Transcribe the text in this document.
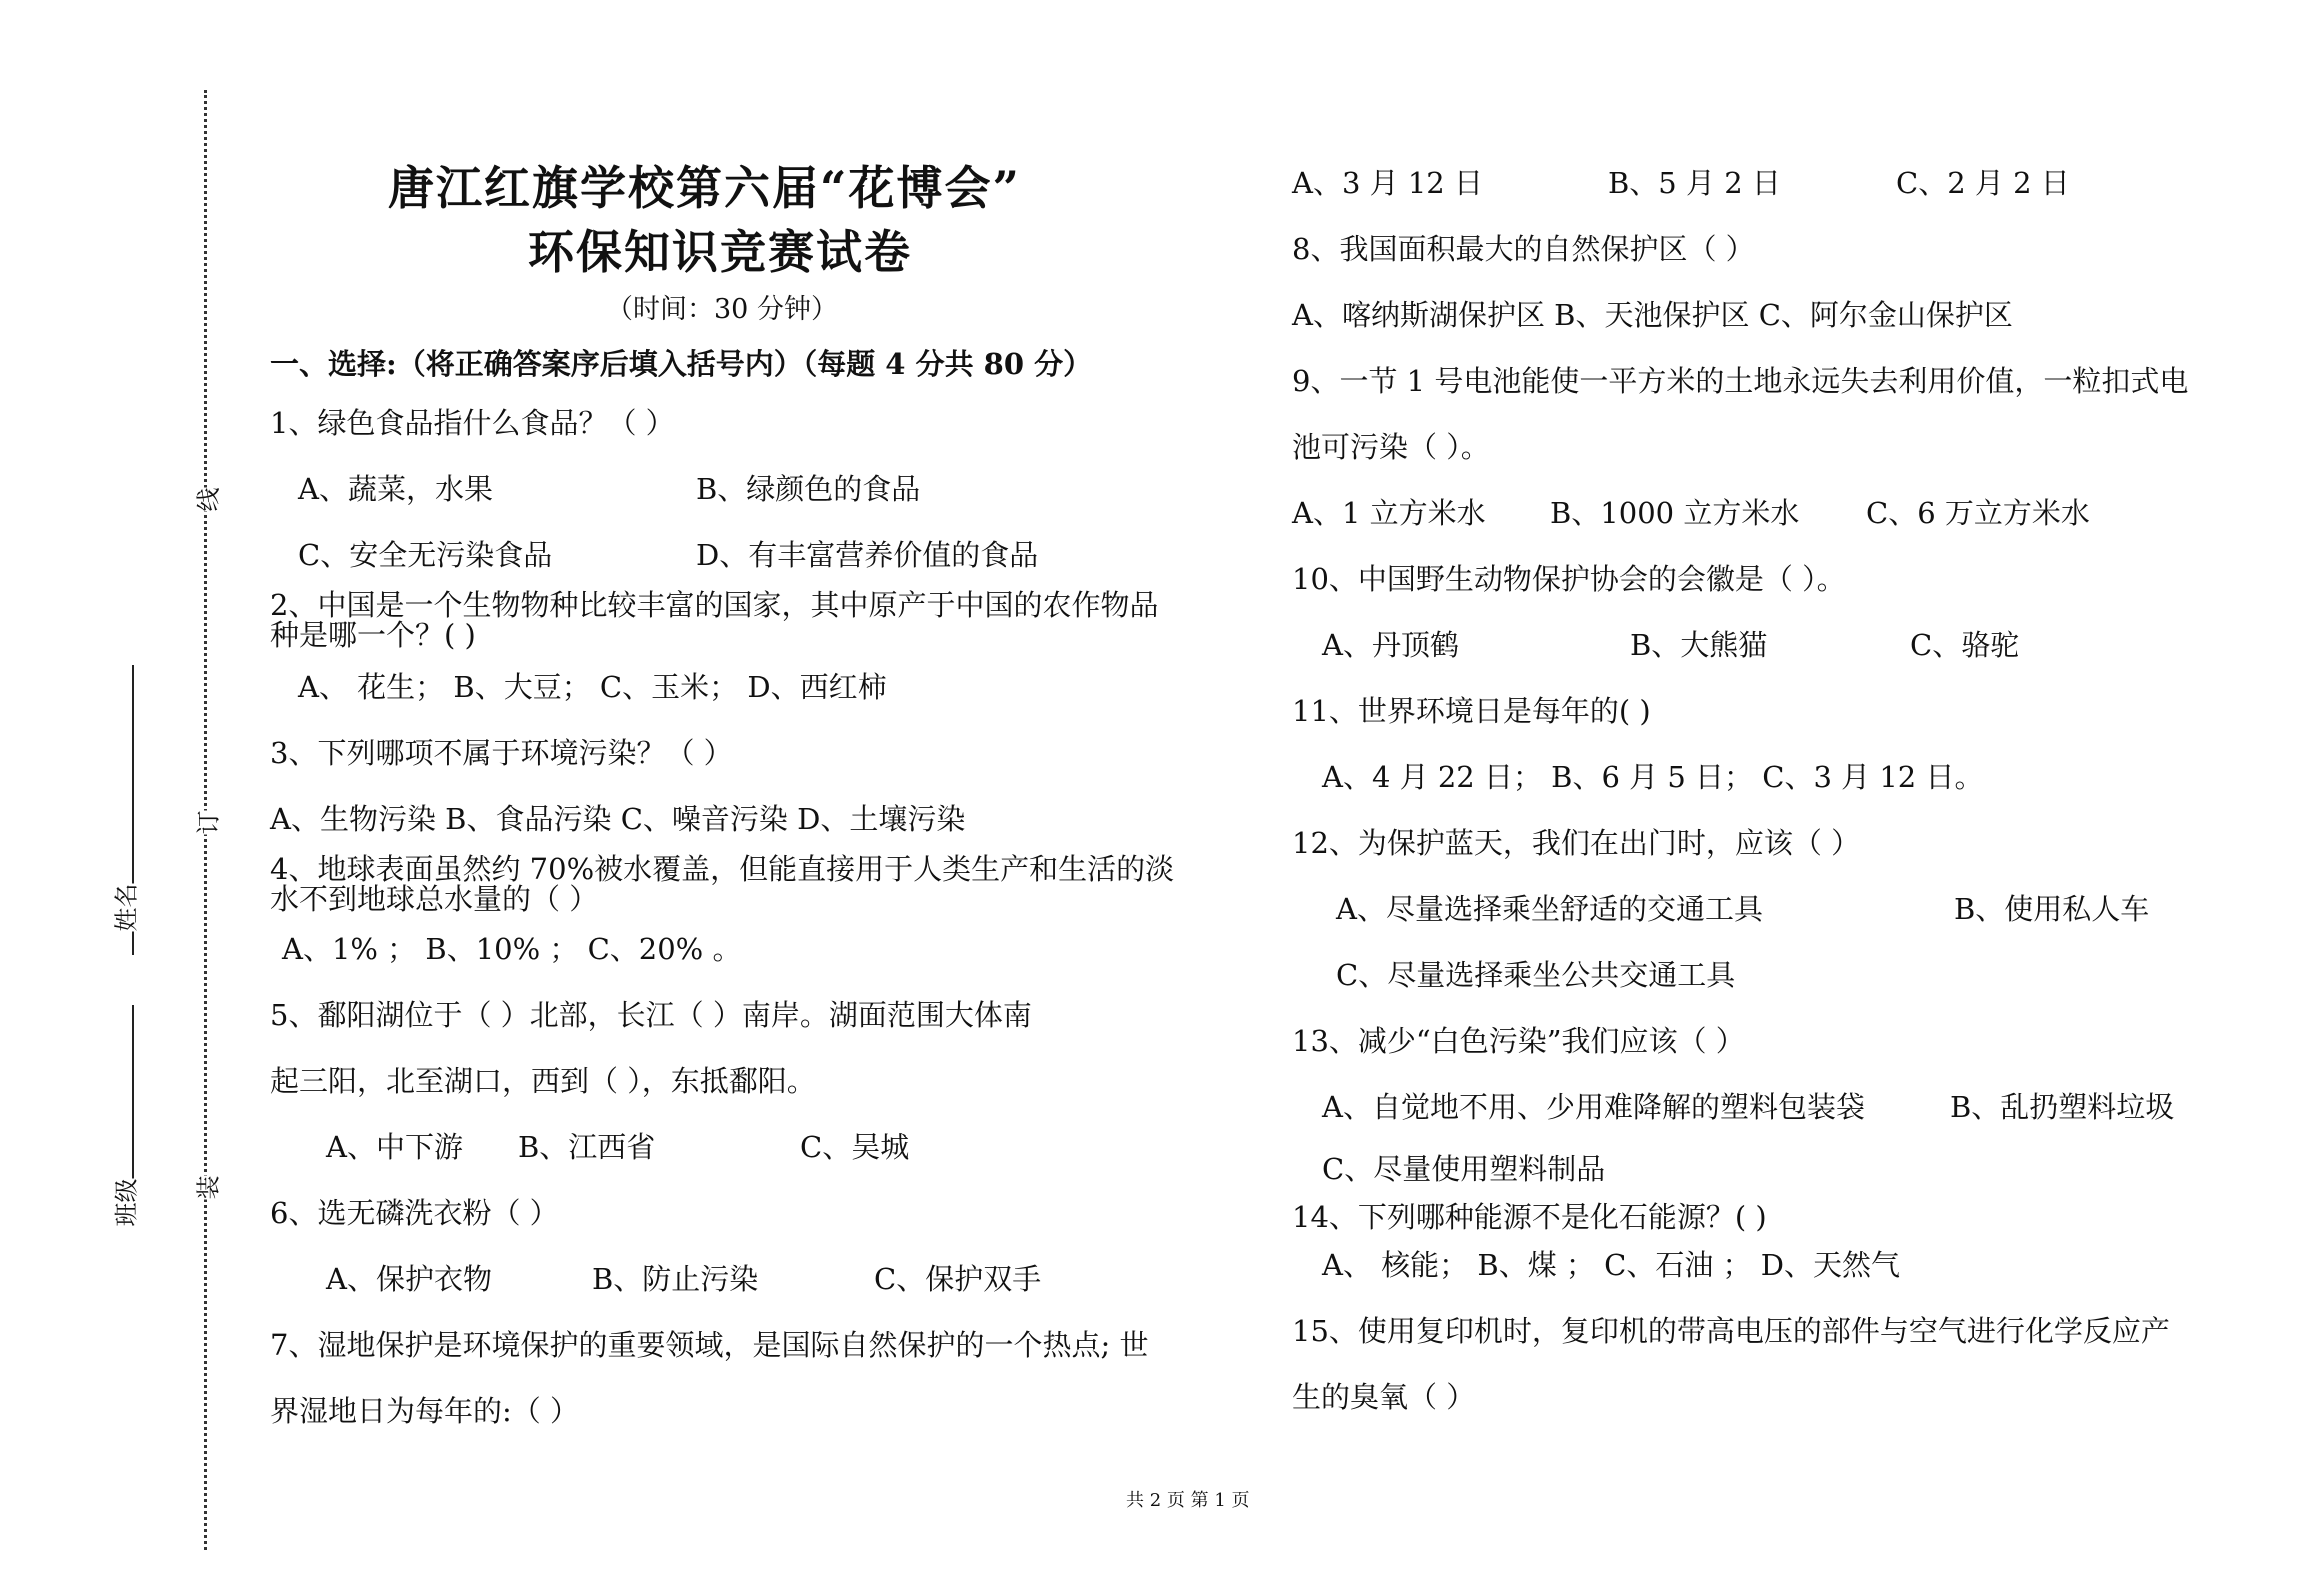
线
订
装
姓名
班级
唐江红旗学校第六届“花博会”
环保知识竞赛试卷
（时间：30 分钟）
一、选择:（将正确答案序后填入括号内）（每题 4 分共 80 分）
1、绿色食品指什么食品？（ ）
A、蔬菜，水果	B、绿颜色的食品
C、安全无污染食品	D、有丰富营养价值的食品
2、中国是一个生物物种比较丰富的国家，其中原产于中国的农作物品
种是哪一个？( )
A、 花生； B、大豆； C、玉米； D、西红柿
3、下列哪项不属于环境污染？（ ）
A、生物污染 B、食品污染 C、噪音污染 D、土壤污染
4、地球表面虽然约 70%被水覆盖，但能直接用于人类生产和生活的淡
水不到地球总水量的（ ）
A、1% ； B、10% ； C、20% 。
5、鄱阳湖位于（ ）北部，长江（ ）南岸。湖面范围大体南
起三阳，北至湖口，西到（ ），东抵鄱阳。
A、中下游 B、江西省	C、吴城
6、选无磷洗衣粉（ ）
A、保护衣物	B、防止污染	C、保护双手
7、湿地保护是环境保护的重要领域，是国际自然保护的一个热点; 世
界湿地日为每年的:（ ）
A、3 月 12 日	B、5 月 2 日	C、2 月 2 日
8、我国面积最大的自然保护区（ ）
A、喀纳斯湖保护区 B、天池保护区 C、阿尔金山保护区
9、一节 1 号电池能使一平方米的土地永远失去利用价值，一粒扣式电
池可污染（ ）。
A、1 立方米水 B、1000 立方米水 C、6 万立方米水
10、中国野生动物保护协会的会徽是（ ）。
A、丹顶鹤	B、大熊猫	C、骆驼
11、世界环境日是每年的( )
A、4 月 22 日； B、6 月 5 日； C、3 月 12 日。
12、为保护蓝天，我们在出门时，应该（ ）
A、尽量选择乘坐舒适的交通工具	B、使用私人车
C、尽量选择乘坐公共交通工具
13、减少“白色污染”我们应该（ ）
A、自觉地不用、少用难降解的塑料包装袋	B、乱扔塑料垃圾
C、尽量使用塑料制品
14、下列哪种能源不是化石能源？( )
A、 核能； B、煤 ； C、石油 ； D、天然气
15、使用复印机时，复印机的带高电压的部件与空气进行化学反应产
生的臭氧（ ）
共 2 页 第 1 页
